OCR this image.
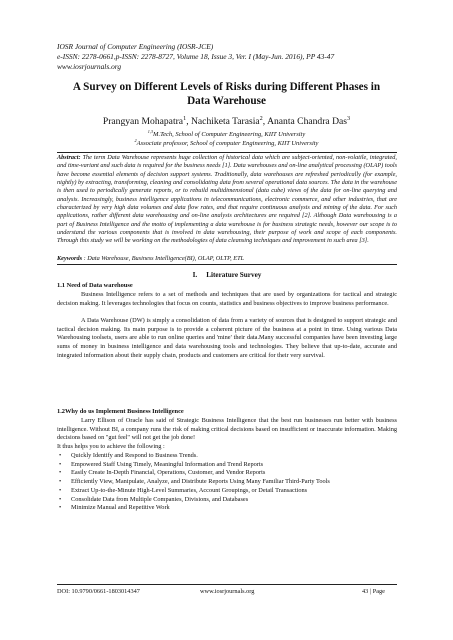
IOSR Journal of Computer Engineering (IOSR-JCE)
e-ISSN: 2278-0661,p-ISSN: 2278-8727, Volume 18, Issue 3, Ver. I (May-Jun. 2016), PP 43-47
www.iosrjournals.org
A Survey on Different Levels of Risks during Different Phases in
Data Warehouse
Prangyan Mohapatra$^1$, Nachiketa Tarasia$^2$, Ananta Chandra Das$^3$
$^{1,3}$M.Tech, School of Computer Engineering, KIIT University
$^2$Associate professor, School of computer Engineering, KIIT University
Abstract: The term Data Warehouse represents huge collection of historical data which are subject-oriented, non-volatile, integrated, and time-variant and such data is required for the business needs [1]. Data warehouses and on-line analytical processing (OLAP) tools have become essential elements of decision support systems. Traditionally, data warehouses are refreshed periodically (for example, nightly) by extracting, transforming, cleaning and consolidating data from several operational data sources. The data in the warehouse is then used to periodically generate reports, or to rebuild multidimensional (data cube) views of the data for on-line querying and analysis. Increasingly, business intelligence applications in telecommunications, electronic commerce, and other industries, that are characterized by very high data volumes and data flow rates, and that require continuous analysis and mining of the data. For such applications, rather different data warehousing and on-line analysis architectures are required [2]. Although Data warehousing is a part of Business Intelligence and the motto of implementing a data warehouse is for business strategic needs, however our scope is to understand the various components that is involved in data warehousing, their purpose of work and scope of each components. Through this study we will be working on the methodologies of data cleansing techniques and improvement in such area [3].
Keywords : Data Warehouse, Business Intelligence(BI), OLAP, OLTP, ETL
I. Literature Survey
1.1 Need of Data warehouse
Business Intelligence refers to a set of methods and techniques that are used by organizations for tactical and strategic decision making. It leverages technologies that focus on counts, statistics and business objectives to improve business performance.
A Data Warehouse (DW) is simply a consolidation of data from a variety of sources that is designed to support strategic and tactical decision making. Its main purpose is to provide a coherent picture of the business at a point in time. Using various Data Warehousing toolsets, users are able to run online queries and 'mine' their data.Many successful companies have been investing large sums of money in business intelligence and data warehousing tools and technologies. They believe that up-to-date, accurate and integrated information about their supply chain, products and customers are critical for their very survival.
1.2Why do us Implement Business Intelligence
Larry Ellison of Oracle has said of Strategic Business Intelligence that the best run businesses run better with business intelligence. Without BI, a company runs the risk of making critical decisions based on insufficient or inaccurate information. Making decisions based on "gut feel" will not get the job done!
It thus helps you to achieve the following :
• Quickly Identify and Respond to Business Trends.
• Empowered Staff Using Timely, Meaningful Information and Trend Reports
• Easily Create In-Depth Financial, Operations, Customer, and Vendor Reports
• Efficiently View, Manipulate, Analyze, and Distribute Reports Using Many Familiar Third-Party Tools
• Extract Up-to-the-Minute High-Level Summaries, Account Groupings, or Detail Transactions
• Consolidate Data from Multiple Companies, Divisions, and Databases
• Minimize Manual and Repetitive Work
DOI: 10.9790/0661-1803014347	www.iosrjournals.org	43 | Page
